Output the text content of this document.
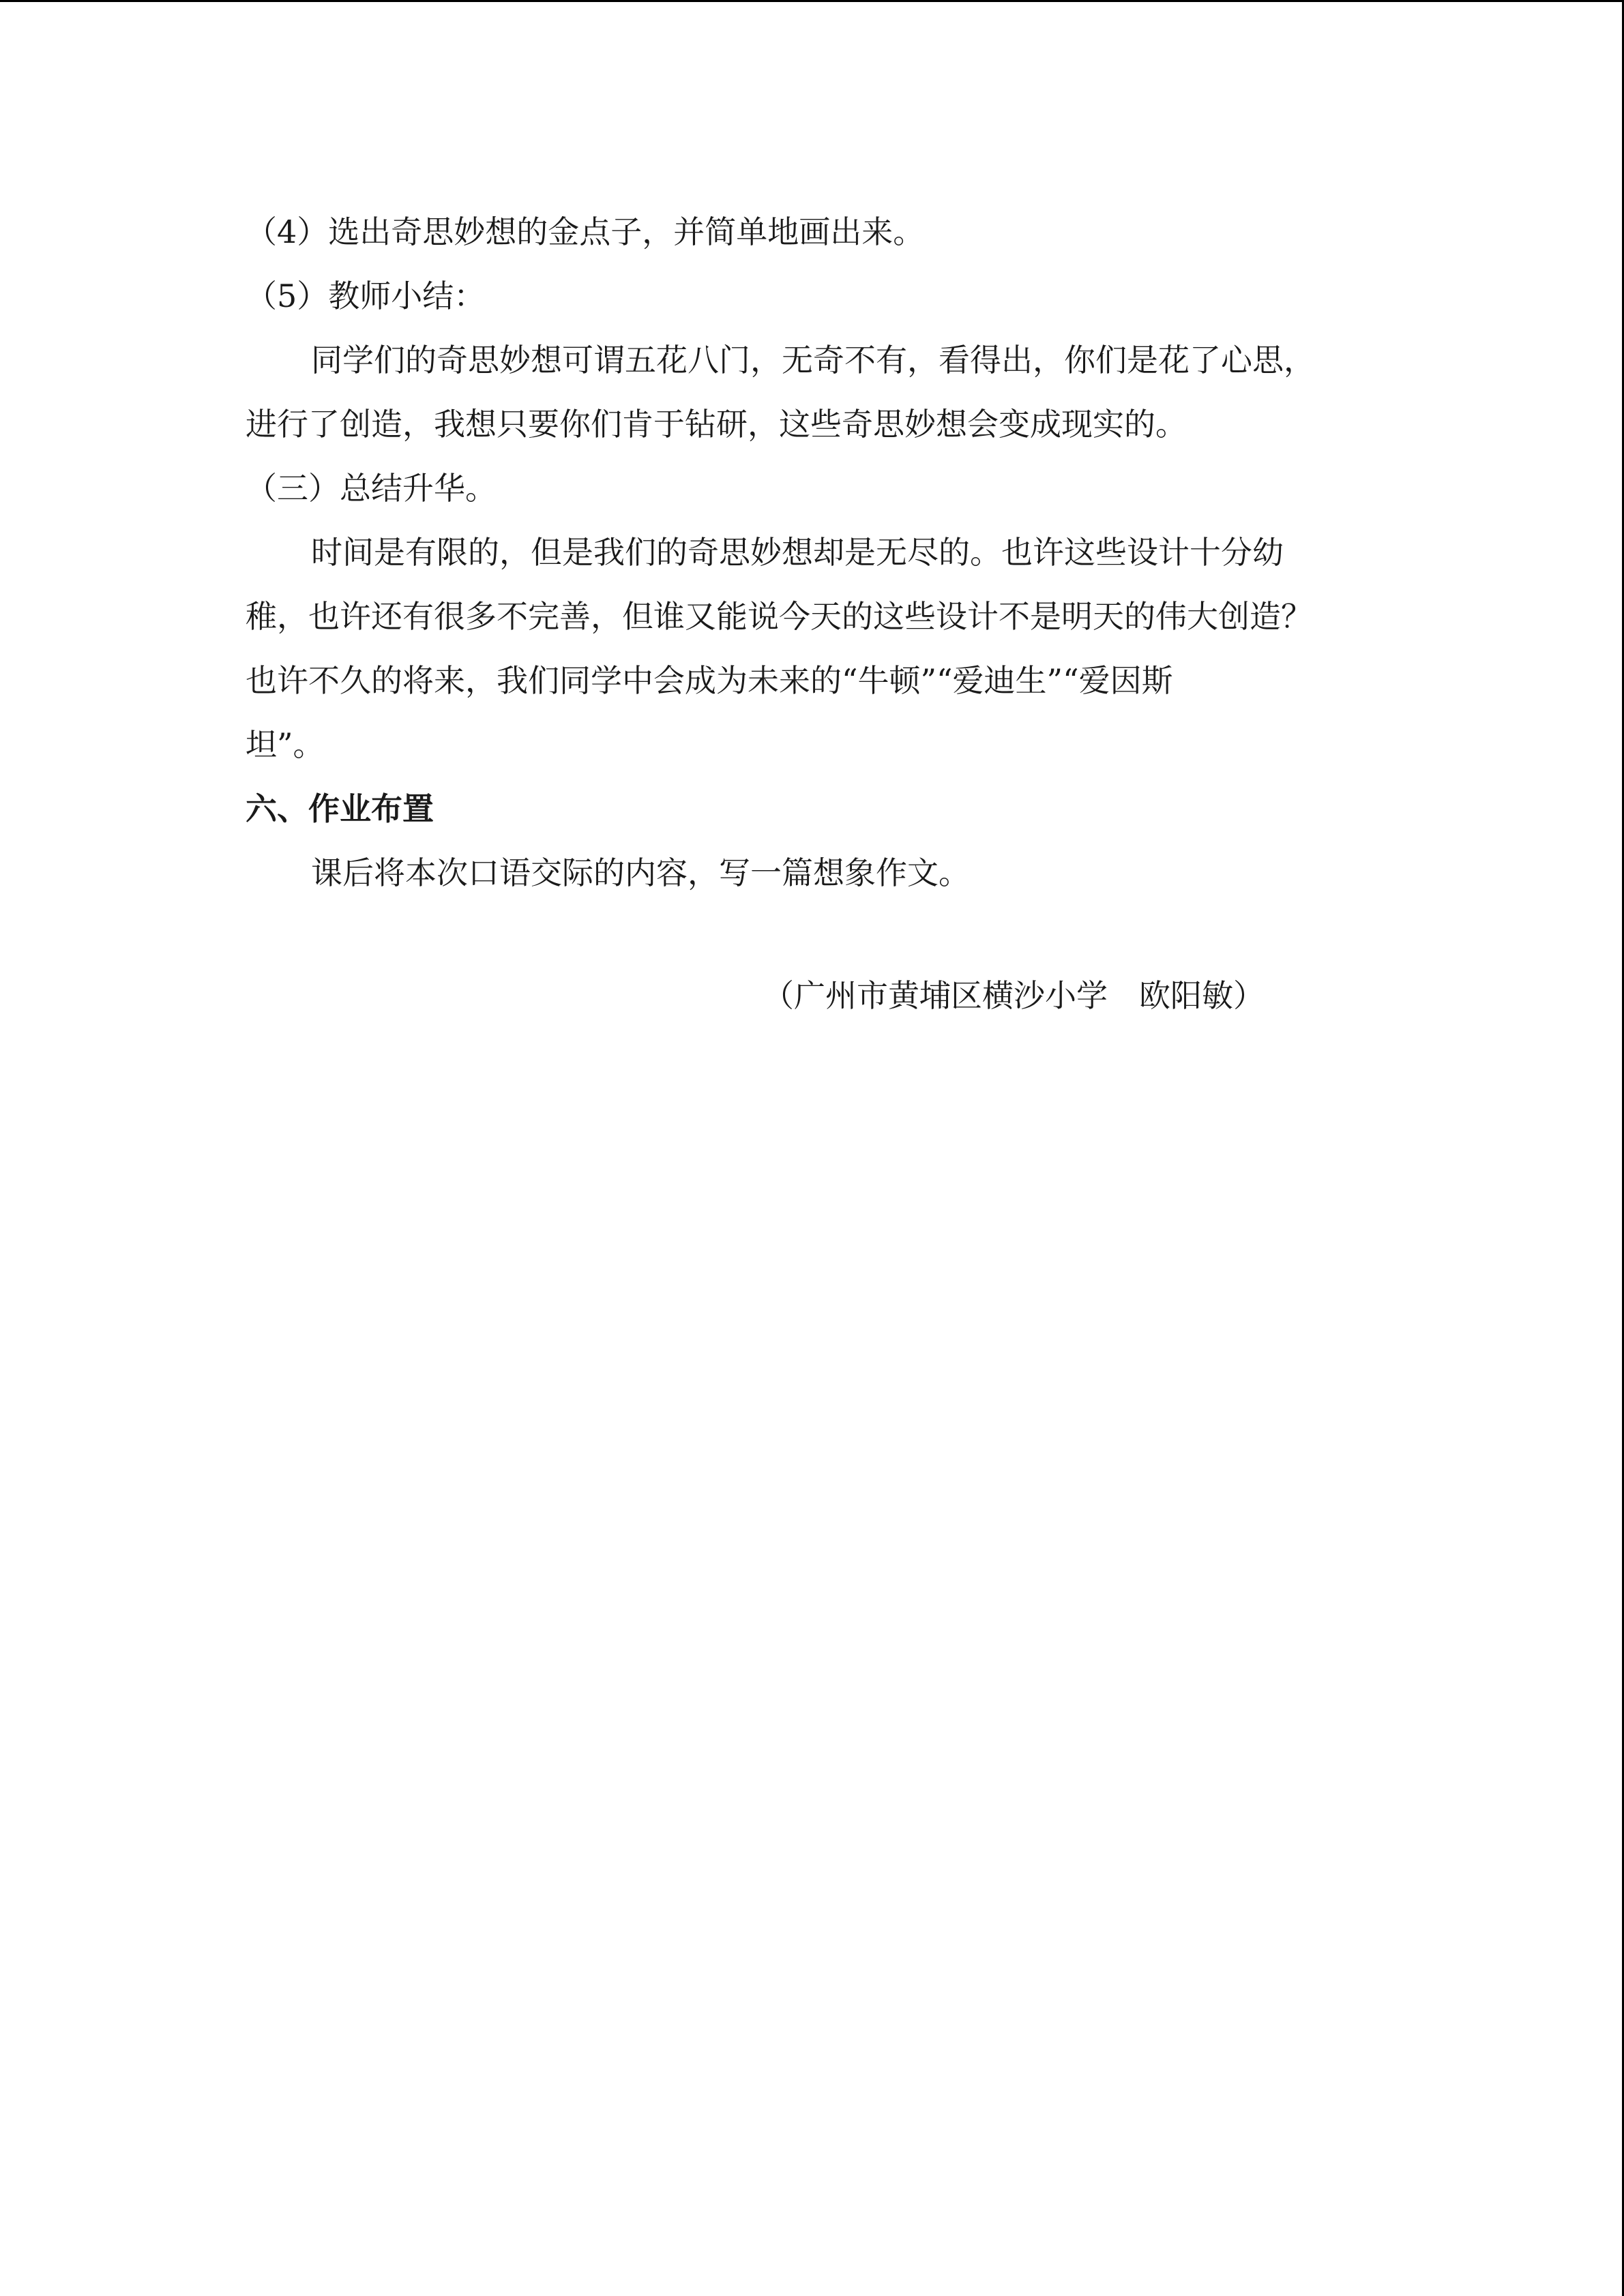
（4）选出奇思妙想的金点子，并简单地画出来。
（5）教师小结：
同学们的奇思妙想可谓五花八门，无奇不有，看得出，你们是花了心思，
进行了创造，我想只要你们肯于钻研，这些奇思妙想会变成现实的。
（三）总结升华。
时间是有限的，但是我们的奇思妙想却是无尽的。也许这些设计十分幼
稚，也许还有很多不完善，但谁又能说今天的这些设计不是明天的伟大创造？
也许不久的将来，我们同学中会成为未来的“牛顿”“爱迪生”“爱因斯
坦”。
六、作业布置
课后将本次口语交际的内容，写一篇想象作文。
（广州市黄埔区横沙小学　欧阳敏）
